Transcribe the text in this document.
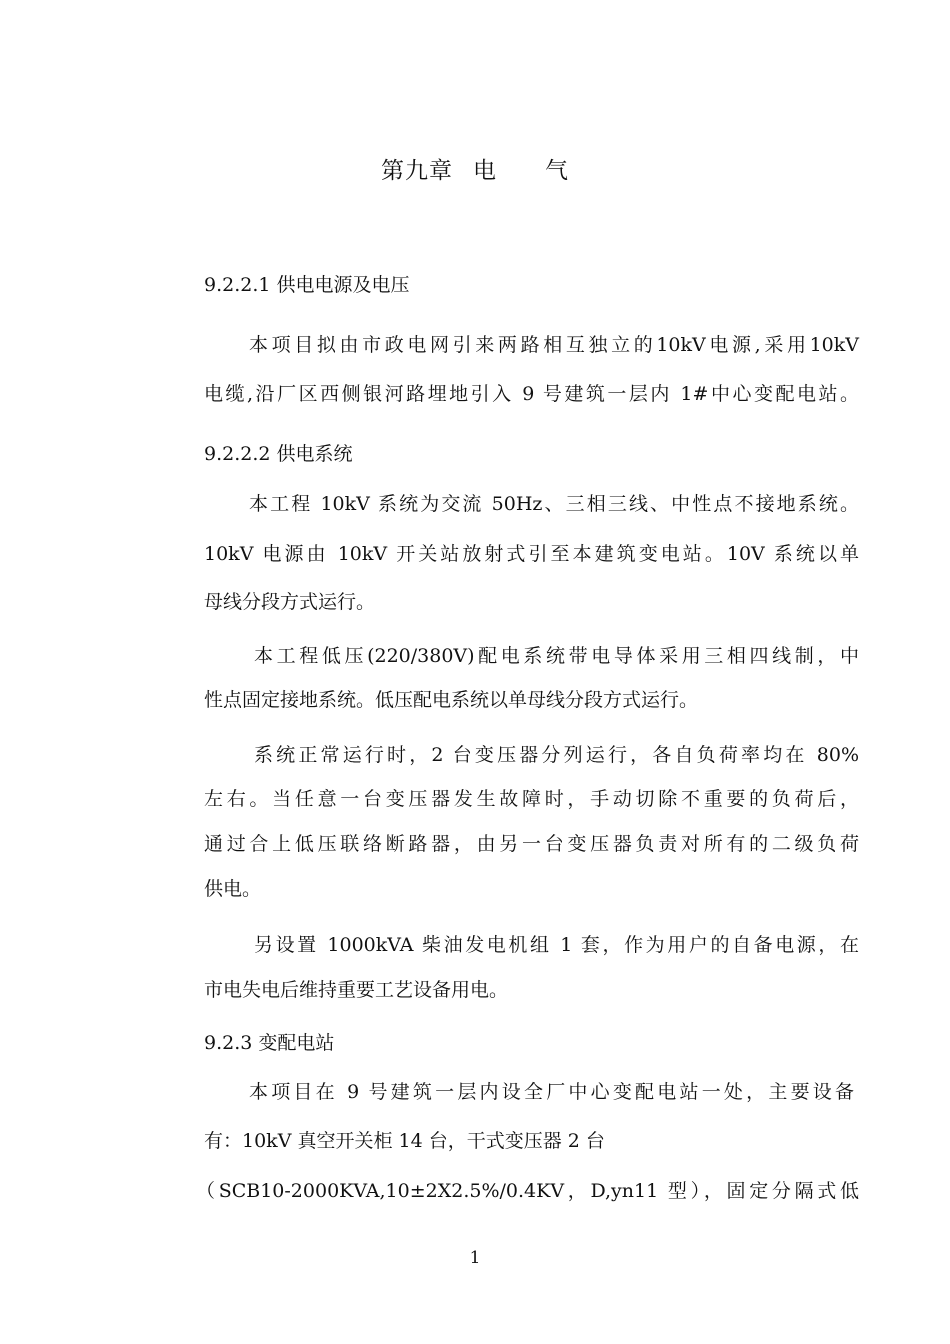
第九章 电 气
9.2.2.1 供电电源及电压
本项目拟由市政电网引来两路相互独立的10kV电源,采用10kV
电缆,沿厂区西侧银河路埋地引入 9 号建筑一层内 1#中心变配电站。
9.2.2.2 供电系统
本工程 10kV 系统为交流 50Hz、三相三线、中性点不接地系统。
10kV 电源由 10kV 开关站放射式引至本建筑变电站。10V 系统以单
母线分段方式运行。
本工程低压(220/380V)配电系统带电导体采用三相四线制，中
性点固定接地系统。低压配电系统以单母线分段方式运行。
系统正常运行时，2 台变压器分列运行，各自负荷率均在 80%
左右。当任意一台变压器发生故障时，手动切除不重要的负荷后，
通过合上低压联络断路器，由另一台变压器负责对所有的二级负荷
供电。
另设置 1000kVA 柴油发电机组 1 套，作为用户的自备电源，在
市电失电后维持重要工艺设备用电。
9.2.3 变配电站
本项目在 9 号建筑一层内设全厂中心变配电站一处，主要设备
有：10kV 真空开关柜 14 台，干式变压器 2 台
（SCB10-2000KVA,10±2X2.5%/0.4KV，D,yn11 型），固定分隔式低
1
